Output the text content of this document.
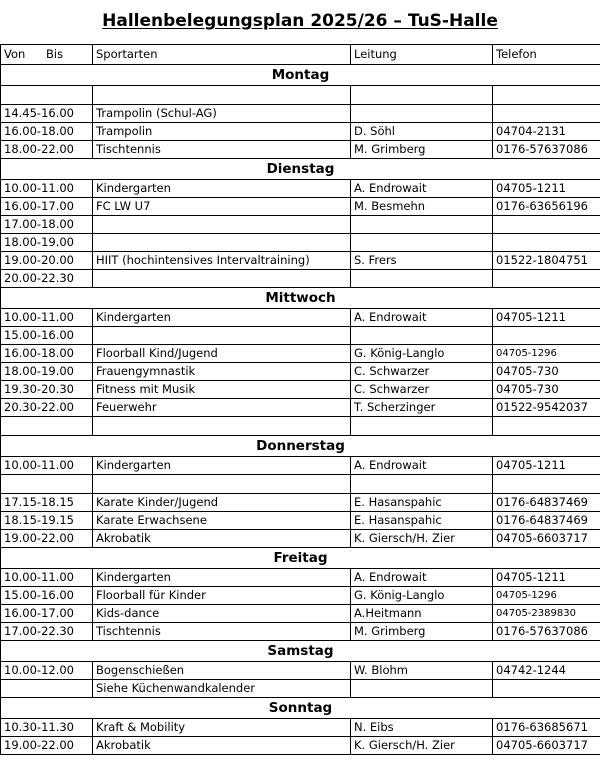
Hallenbelegungsplan 2025/26 – TuS-Halle
Von Bis	Sportarten	Leitung	Telefon
Montag			

14.45-16.00	Trampolin (Schul-AG)		
16.00-18.00	Trampolin	D. Söhl	04704-2131
18.00-22.00	Tischtennis	M. Grimberg	0176-57637086
Dienstag			
10.00-11.00	Kindergarten	A. Endrowait	04705-1211
16.00-17.00	FC LW U7	M. Besmehn	0176-63656196
17.00-18.00			
18.00-19.00			
19.00-20.00	HIIT (hochintensives Intervaltraining)	S. Frers	01522-1804751
20.00-22.30			
Mittwoch			
10.00-11.00	Kindergarten	A. Endrowait	04705-1211
15.00-16.00			
16.00-18.00	Floorball Kind/Jugend	G. König-Langlo	04705-1296
18.00-19.00	Frauengymnastik	C. Schwarzer	04705-730
19.30-20.30	Fitness mit Musik	C. Schwarzer	04705-730
20.30-22.00	Feuerwehr	T. Scherzinger	01522-9542037

Donnerstag			
10.00-11.00	Kindergarten	A. Endrowait	04705-1211

17.15-18.15	Karate Kinder/Jugend	E. Hasanspahic	0176-64837469
18.15-19.15	Karate Erwachsene	E. Hasanspahic	0176-64837469
19.00-22.00	Akrobatik	K. Giersch/H. Zier	04705-6603717
Freitag			
10.00-11.00	Kindergarten	A. Endrowait	04705-1211
15.00-16.00	Floorball für Kinder	G. König-Langlo	04705-1296
16.00-17.00	Kids-dance	A.Heitmann	04705-2389830
17.00-22.30	Tischtennis	M. Grimberg	0176-57637086
Samstag			
10.00-12.00	Bogenschießen	W. Blohm	04742-1244
	Siehe Küchenwandkalender		
Sonntag			
10.30-11.30	Kraft & Mobility	N. Eibs	0176-63685671
19.00-22.00	Akrobatik	K. Giersch/H. Zier	04705-6603717
